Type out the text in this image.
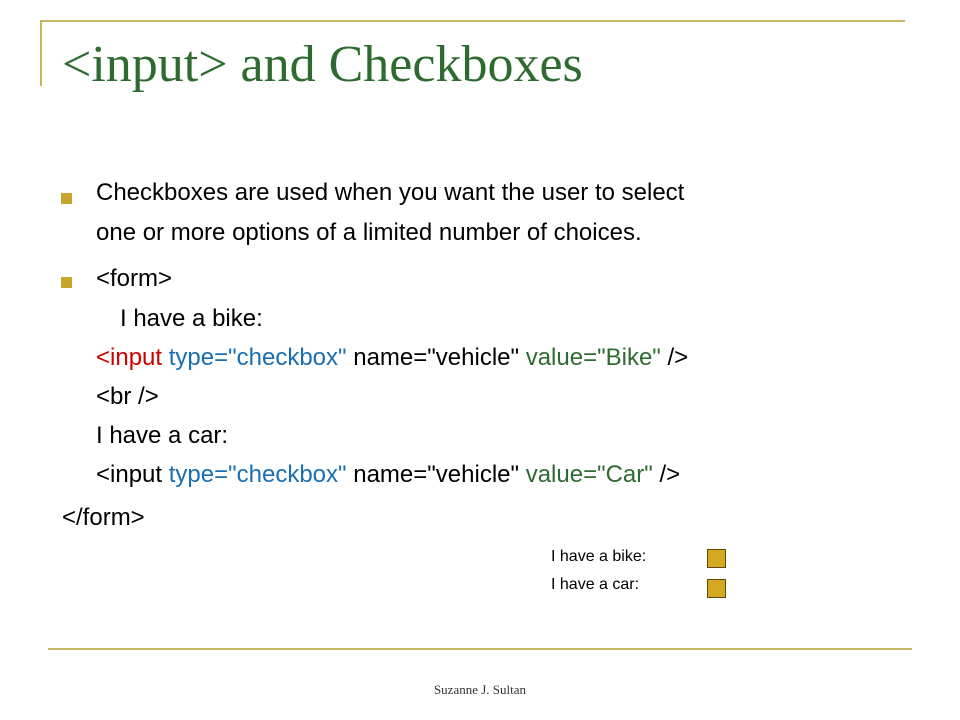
<input> and Checkboxes
Checkboxes are used when you want the user to select
one or more options of a limited number of choices.
<form>
I have a bike:
<input type="checkbox" name="vehicle" value="Bike" />
<br />
I have a car:
<input type="checkbox" name="vehicle" value="Car" />
</form>
I have a bike:
I have a car:
Suzanne J. Sultan
